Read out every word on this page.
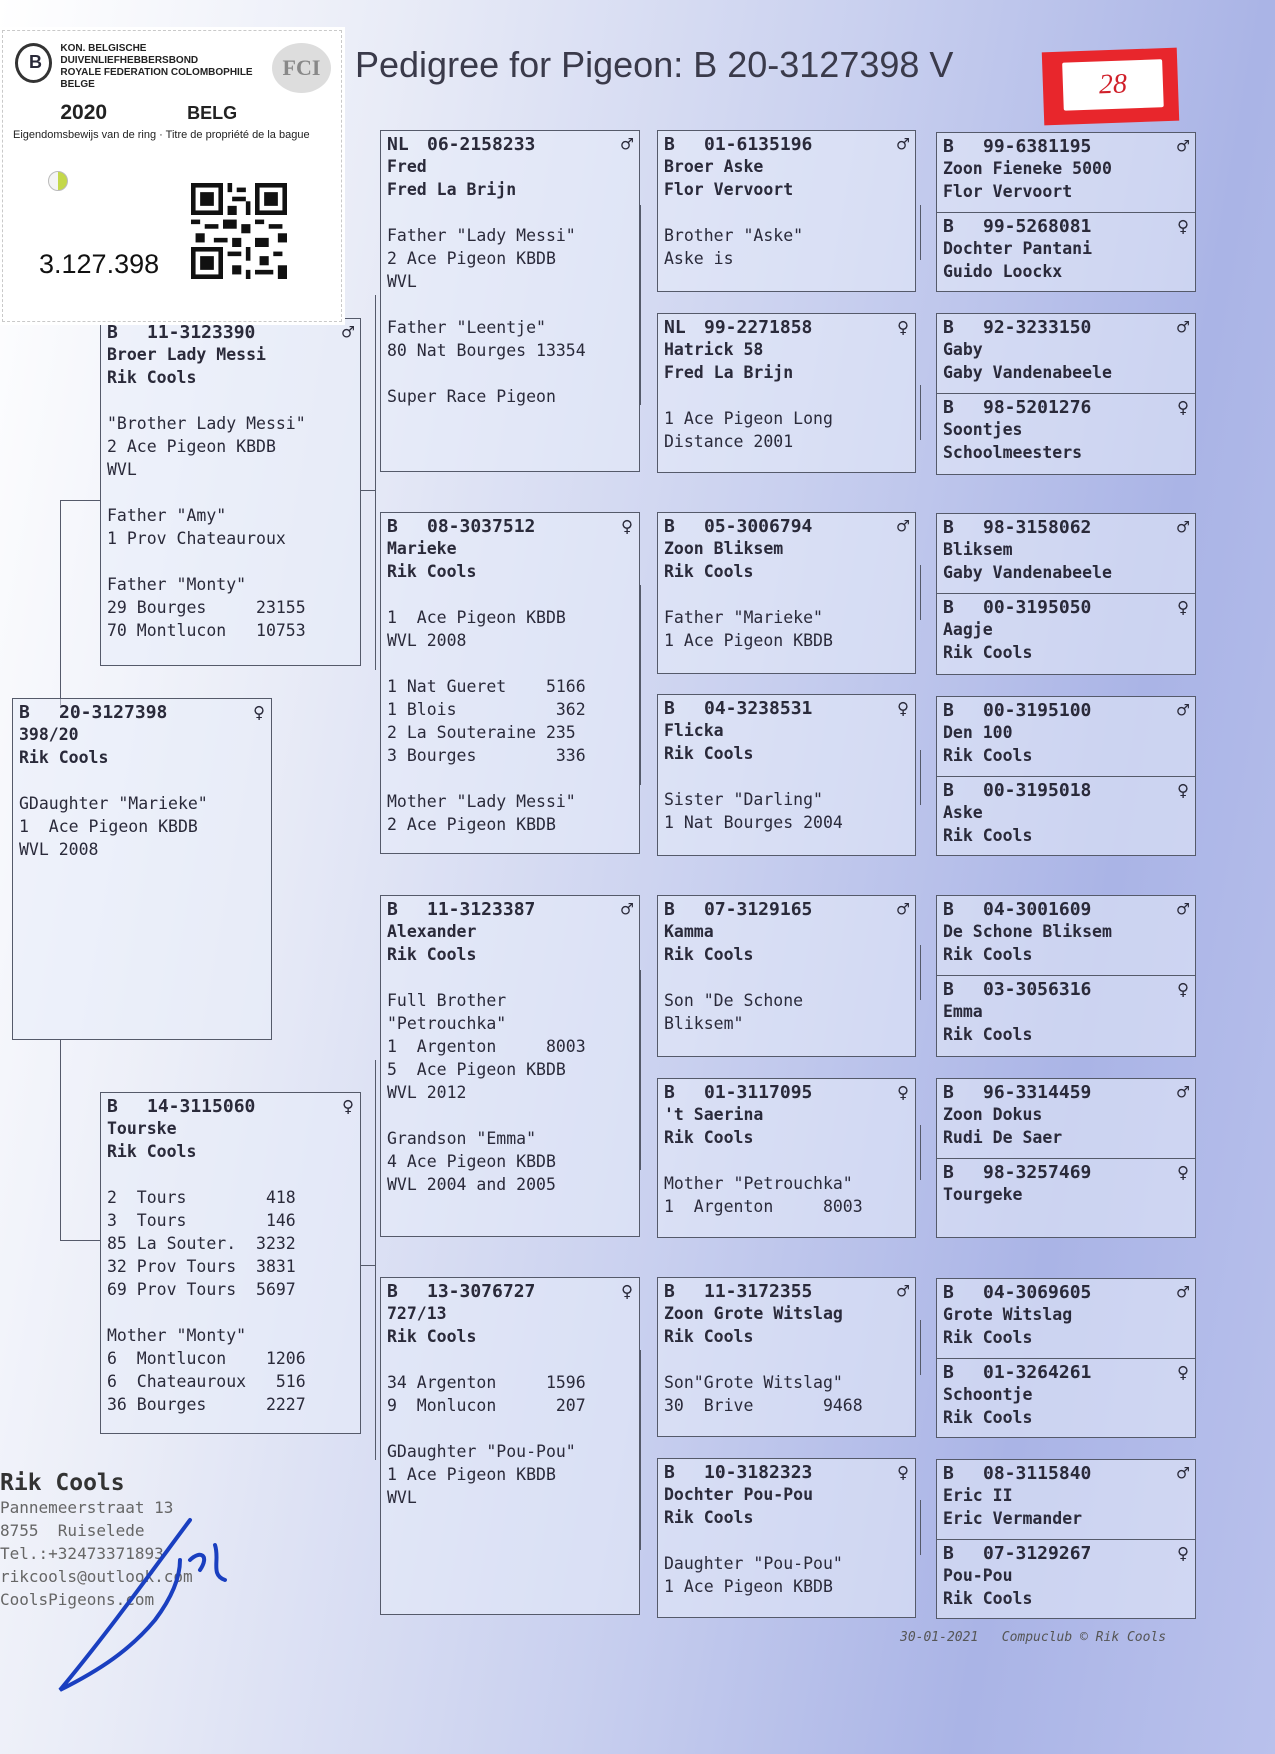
Pedigree for Pigeon: B 20-3127398 V	28
B	20-3127398	♀
398/20
Rik Cools
GDaughter "Marieke"
1  Ace Pigeon KBDB
WVL 2008
B	11-3123390	♂
Broer Lady Messi
Rik Cools
"Brother Lady Messi"
2 Ace Pigeon KBDB
WVL

Father "Amy"
1 Prov Chateauroux

Father "Monty"
29 Bourges     23155
70 Montlucon   10753
B	14-3115060	♀
Tourske
Rik Cools
2  Tours        418
3  Tours        146
85 La Souter.  3232
32 Prov Tours  3831
69 Prov Tours  5697

Mother "Monty"
6  Montlucon    1206
6  Chateauroux   516
36 Bourges      2227
NL	06-2158233	♂
Fred
Fred La Brijn
Father "Lady Messi"
2 Ace Pigeon KBDB
WVL

Father "Leentje"
80 Nat Bourges 13354

Super Race Pigeon
B	08-3037512	♀
Marieke
Rik Cools
1  Ace Pigeon KBDB
WVL 2008

1 Nat Gueret    5166
1 Blois          362
2 La Souteraine 235
3 Bourges        336

Mother "Lady Messi"
2 Ace Pigeon KBDB
B	11-3123387	♂
Alexander
Rik Cools
Full Brother
"Petrouchka"
1  Argenton     8003
5  Ace Pigeon KBDB
WVL 2012

Grandson "Emma"
4 Ace Pigeon KBDB
WVL 2004 and 2005
B	13-3076727	♀
727/13
Rik Cools
34 Argenton     1596
9  Monlucon      207

GDaughter "Pou-Pou"
1 Ace Pigeon KBDB
WVL
B	01-6135196	♂
Broer Aske
Flor Vervoort
Brother "Aske"
Aske is
NL	99-2271858	♀
Hatrick 58
Fred La Brijn
1 Ace Pigeon Long
Distance 2001
B	05-3006794	♂
Zoon Bliksem
Rik Cools
Father "Marieke"
1 Ace Pigeon KBDB
B	04-3238531	♀
Flicka
Rik Cools
Sister "Darling"
1 Nat Bourges 2004
B	07-3129165	♂
Kamma
Rik Cools
Son "De Schone
Bliksem"
B	01-3117095	♀
't Saerina
Rik Cools
Mother "Petrouchka"
1  Argenton     8003
B	11-3172355	♂
Zoon Grote Witslag
Rik Cools
Son"Grote Witslag"
30  Brive       9468
B	10-3182323	♀
Dochter Pou-Pou
Rik Cools
Daughter "Pou-Pou"
1 Ace Pigeon KBDB
B	99-6381195	♂
Zoon Fieneke 5000
Flor Vervoort
B	99-5268081	♀
Dochter Pantani
Guido Loockx
B	92-3233150	♂
Gaby
Gaby Vandenabeele
B	98-5201276	♀
Soontjes
Schoolmeesters
B	98-3158062	♂
Bliksem
Gaby Vandenabeele
B	00-3195050	♀
Aagje
Rik Cools
B	00-3195100	♂
Den 100
Rik Cools
B	00-3195018	♀
Aske
Rik Cools
B	04-3001609	♂
De Schone Bliksem
Rik Cools
B	03-3056316	♀
Emma
Rik Cools
B	96-3314459	♂
Zoon Dokus
Rudi De Saer
B	98-3257469	♀
Tourgeke

B	04-3069605	♂
Grote Witslag
Rik Cools
B	01-3264261	♀
Schoontje
Rik Cools
B	08-3115840	♂
Eric II
Eric Vermander
B	07-3129267	♀
Pou-Pou
Rik Cools
B
KON. BELGISCHE DUIVENLIEFHEBBERSBOND
ROYALE FEDERATION COLOMBOPHILE BELGE
2020	BELG
FCI
Eigendomsbewijs van de ring · Titre de propriété de la bague
3.127.398
Rik Cools
Pannemeerstraat 13
8755  Ruiselede
Tel.:+32473371893
rikcools@outlook.com
CoolsPigeons.com
30-01-2021   Compuclub © Rik Cools
